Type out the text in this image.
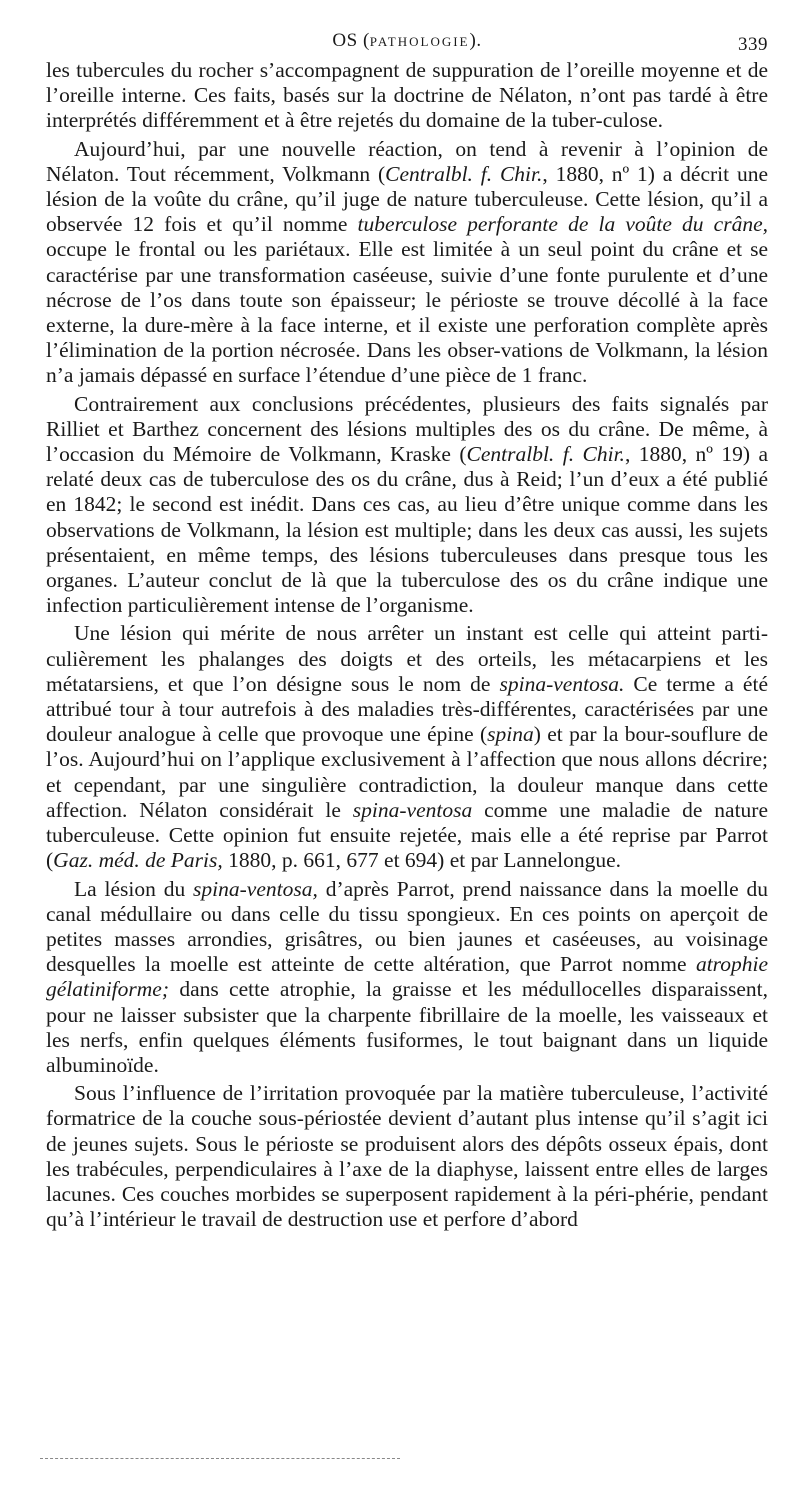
OS (PATHOLOGIE).	339

les tubercules du rocher s’accompagnent de suppuration de l’oreille moyenne et de l’oreille interne. Ces faits, basés sur la doctrine de Nélaton, n’ont pas tardé à être interprétés différemment et à être rejetés du domaine de la tuber-culose.

Aujourd’hui, par une nouvelle réaction, on tend à revenir à l’opinion de Nélaton. Tout récemment, Volkmann (Centralbl. f. Chir., 1880, nº 1) a décrit une lésion de la voûte du crâne, qu’il juge de nature tuberculeuse. Cette lésion, qu’il a observée 12 fois et qu’il nomme tuberculose perforante de la voûte du crâne, occupe le frontal ou les pariétaux. Elle est limitée à un seul point du crâne et se caractérise par une transformation caséeuse, suivie d’une fonte purulente et d’une nécrose de l’os dans toute son épaisseur; le périoste se trouve décollé à la face externe, la dure-mère à la face interne, et il existe une perforation complète après l’élimination de la portion nécrosée. Dans les obser-vations de Volkmann, la lésion n’a jamais dépassé en surface l’étendue d’une pièce de 1 franc.

Contrairement aux conclusions précédentes, plusieurs des faits signalés par Rilliet et Barthez concernent des lésions multiples des os du crâne. De même, à l’occasion du Mémoire de Volkmann, Kraske (Centralbl. f. Chir., 1880, nº 19) a relaté deux cas de tuberculose des os du crâne, dus à Reid; l’un d’eux a été publié en 1842; le second est inédit. Dans ces cas, au lieu d’être unique comme dans les observations de Volkmann, la lésion est multiple; dans les deux cas aussi, les sujets présentaient, en même temps, des lésions tuberculeuses dans presque tous les organes. L’auteur conclut de là que la tuberculose des os du crâne indique une infection particulièrement intense de l’organisme.

Une lésion qui mérite de nous arrêter un instant est celle qui atteint parti-culièrement les phalanges des doigts et des orteils, les métacarpiens et les métatarsiens, et que l’on désigne sous le nom de spina-ventosa. Ce terme a été attribué tour à tour autrefois à des maladies très-différentes, caractérisées par une douleur analogue à celle que provoque une épine (spina) et par la bour-souflure de l’os. Aujourd’hui on l’applique exclusivement à l’affection que nous allons décrire; et cependant, par une singulière contradiction, la douleur manque dans cette affection. Nélaton considérait le spina-ventosa comme une maladie de nature tuberculeuse. Cette opinion fut ensuite rejetée, mais elle a été reprise par Parrot (Gaz. méd. de Paris, 1880, p. 661, 677 et 694) et par Lannelongue.

La lésion du spina-ventosa, d’après Parrot, prend naissance dans la moelle du canal médullaire ou dans celle du tissu spongieux. En ces points on aperçoit de petites masses arrondies, grisâtres, ou bien jaunes et caséeuses, au voisinage desquelles la moelle est atteinte de cette altération, que Parrot nomme atrophie gélatiniforme; dans cette atrophie, la graisse et les médullocelles disparaissent, pour ne laisser subsister que la charpente fibrillaire de la moelle, les vaisseaux et les nerfs, enfin quelques éléments fusiformes, le tout baignant dans un liquide albuminoïde.

Sous l’influence de l’irritation provoquée par la matière tuberculeuse, l’activité formatrice de la couche sous-périostée devient d’autant plus intense qu’il s’agit ici de jeunes sujets. Sous le périoste se produisent alors des dépôts osseux épais, dont les trabécules, perpendiculaires à l’axe de la diaphyse, laissent entre elles de larges lacunes. Ces couches morbides se superposent rapidement à la péri-phérie, pendant qu’à l’intérieur le travail de destruction use et perfore d’abord
